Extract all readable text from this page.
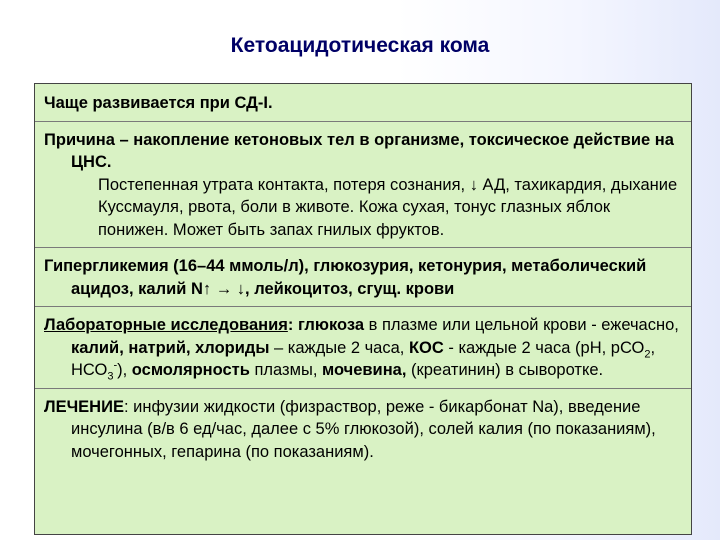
Кетоацидотическая кома
Чаще развивается при СД-I.
Причина – накопление кетоновых тел в организме, токсическое действие на ЦНС.
Постепенная утрата контакта, потеря сознания, ↓ АД, тахикардия, дыхание Куссмауля, рвота, боли в животе. Кожа сухая, тонус глазных яблок понижен. Может быть запах гнилых фруктов.
Гипергликемия (16–44 ммоль/л), глюкозурия, кетонурия, метаболический ацидоз, калий N↑ → ↓, лейкоцитоз, сгущ. крови
Лабораторные исследования: глюкоза в плазме или цельной крови - ежечасно, калий, натрий, хлориды – каждые 2 часа, КОС - каждые 2 часа (рН, рСО$_2$, $НСО_3^-$), осмолярность плазмы, мочевина, (креатинин) в сыворотке.
ЛЕЧЕНИЕ: инфузии жидкости (физраствор, реже - бикарбонат Na), введение инсулина (в/в 6 ед/час, далее с 5% глюкозой), солей калия (по показаниям), мочегонных, гепарина (по показаниям).
